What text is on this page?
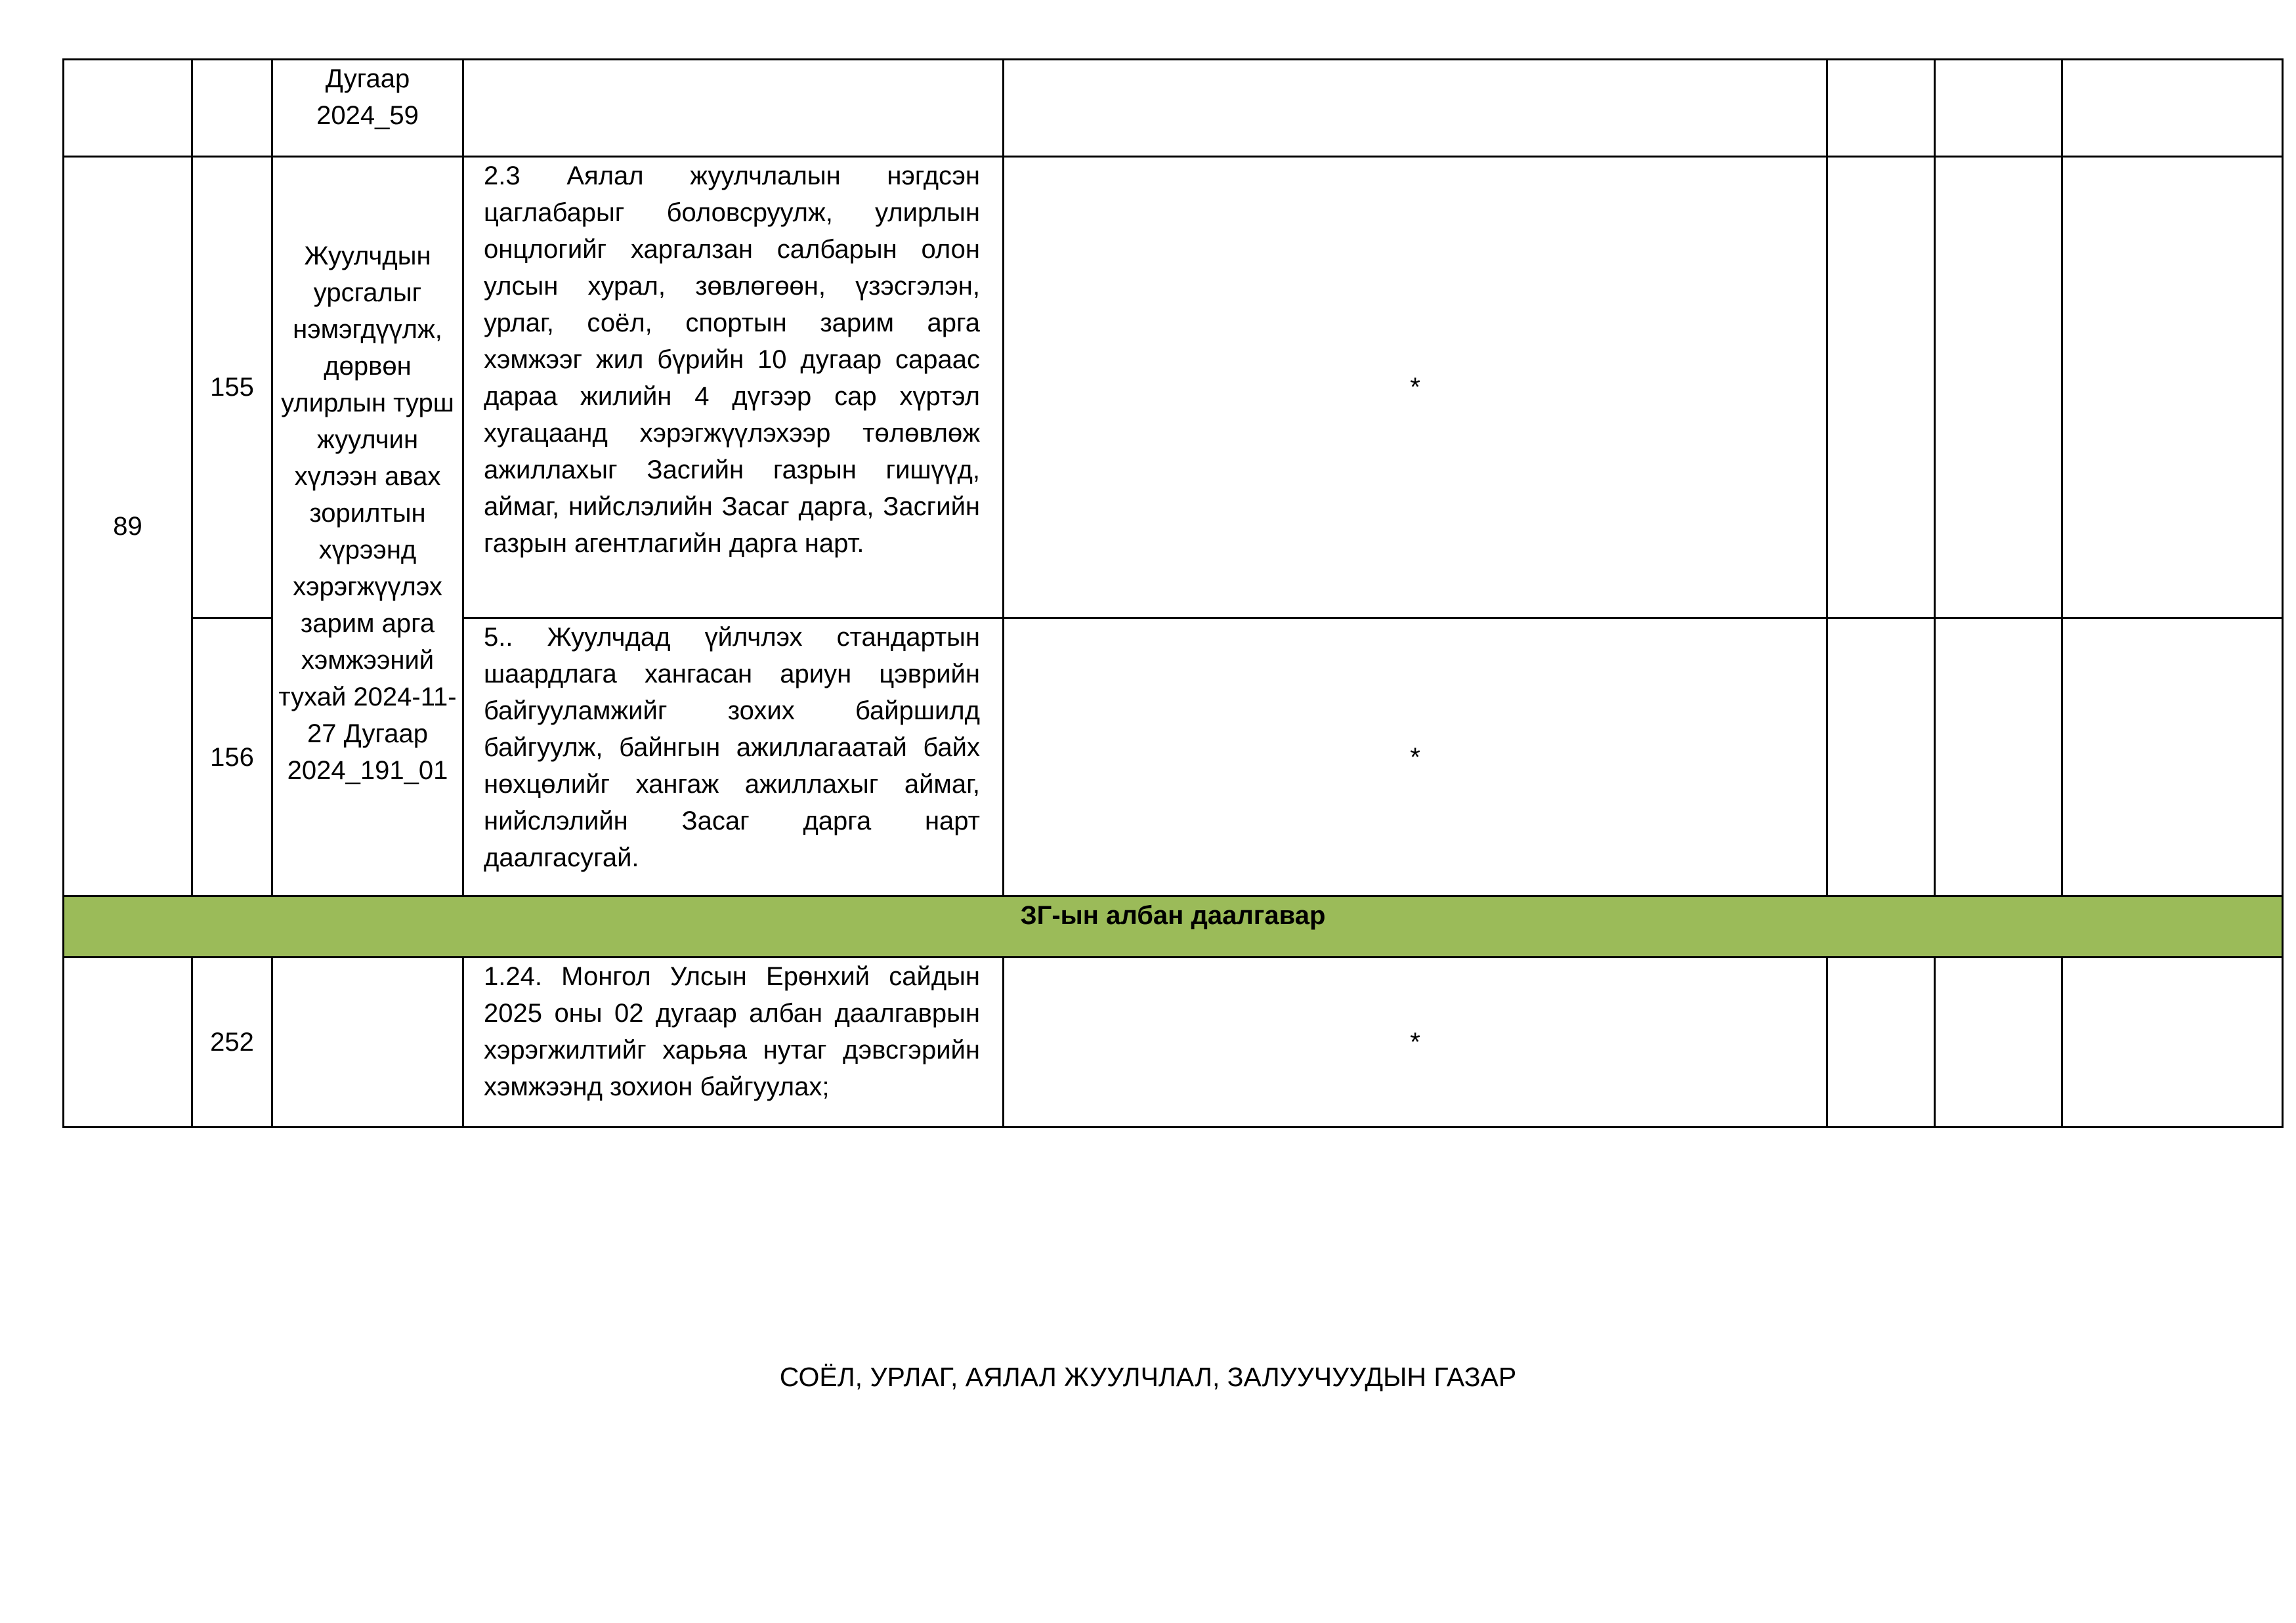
		Дугаар
2024_59					

89	155	Жуулчдын урсгалыг нэмэгдүүлж, дөрвөн улирлын турш жуулчин хүлээн авах зорилтын хүрээнд хэрэгжүүлэх зарим арга хэмжээний тухай 2024-11-27 Дугаар 2024_191_01	2.3 Аялал жуулчлалын нэгдсэн цаглабарыг боловсруулж, улирлын онцлогийг харгалзан салбарын олон улсын хурал, зөвлөгөөн, үзэсгэлэн, урлаг, соёл, спортын зарим арга хэмжээг жил бүрийн 10 дугаар сараас дараа жилийн 4 дүгээр сар хүртэл хугацаанд хэрэгжүүлэхээр төлөвлөж ажиллахыг Засгийн газрын гишүүд, аймаг, нийслэлийн Засаг дарга, Засгийн газрын агентлагийн дарга нарт.	*			
	156		5.. Жуулчдад үйлчлэх стандартын шаардлага хангасан ариун цэврийн байгууламжийг зохих байршилд байгуулж, байнгын ажиллагаатай байх нөхцөлийг хангаж ажиллахыг аймаг, нийслэлийн Засаг дарга нарт даалгасугай.	*			
ЗГ-ын албан даалгавар							
	252		1.24. Монгол Улсын Ерөнхий сайдын 2025 оны 02 дугаар албан даалгаврын хэрэгжилтийг харьяа нутаг дэвсгэрийн хэмжээнд зохион байгуулах;	*			
СОЁЛ, УРЛАГ, АЯЛАЛ ЖУУЛЧЛАЛ, ЗАЛУУЧУУДЫН ГАЗАР
